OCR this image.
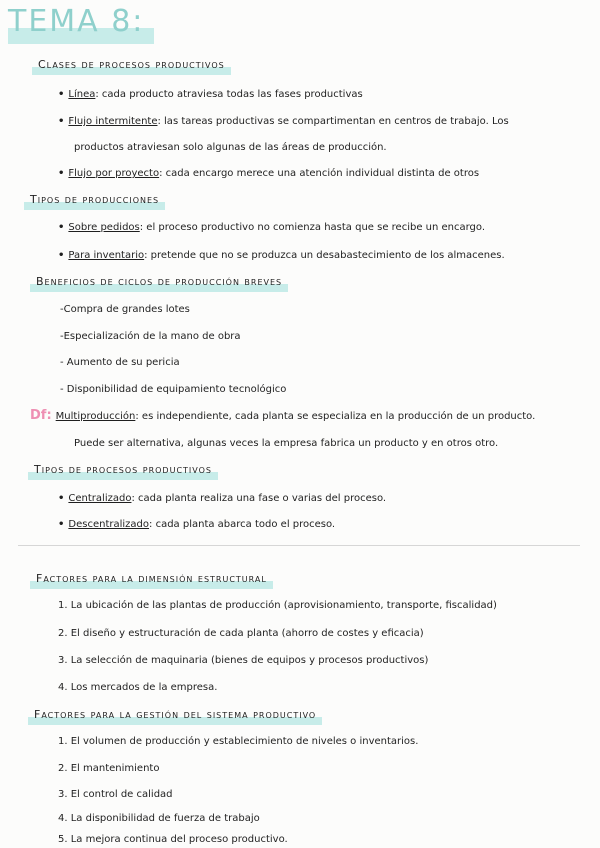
TEMA 8:
Clases de procesos productivos
• Línea: cada producto atraviesa todas las fases productivas
• Flujo intermitente: las tareas productivas se compartimentan en centros de trabajo. Los
productos atraviesan solo algunas de las áreas de producción.
• Flujo por proyecto: cada encargo merece una atención individual distinta de otros
Tipos de producciones
• Sobre pedidos: el proceso productivo no comienza hasta que se recibe un encargo.
• Para inventario: pretende que no se produzca un desabastecimiento de los almacenes.
Beneficios de ciclos de producción breves
-Compra de grandes lotes
-Especialización de la mano de obra
- Aumento de su pericia
- Disponibilidad de equipamiento tecnológico
Df: Multiproducción: es independiente, cada planta se especializa en la producción de un producto.
Puede ser alternativa, algunas veces la empresa fabrica un producto y en otros otro.
Tipos de procesos productivos
• Centralizado: cada planta realiza una fase o varias del proceso.
• Descentralizado: cada planta abarca todo el proceso.
Factores para la dimensión estructural
1. La ubicación de las plantas de producción (aprovisionamiento, transporte, fiscalidad)
2. El diseño y estructuración de cada planta (ahorro de costes y eficacia)
3. La selección de maquinaria (bienes de equipos y procesos productivos)
4. Los mercados de la empresa.
Factores para la gestión del sistema productivo
1. El volumen de producción y establecimiento de niveles o inventarios.
2. El mantenimiento
3. El control de calidad
4. La disponibilidad de fuerza de trabajo
5. La mejora continua del proceso productivo.
